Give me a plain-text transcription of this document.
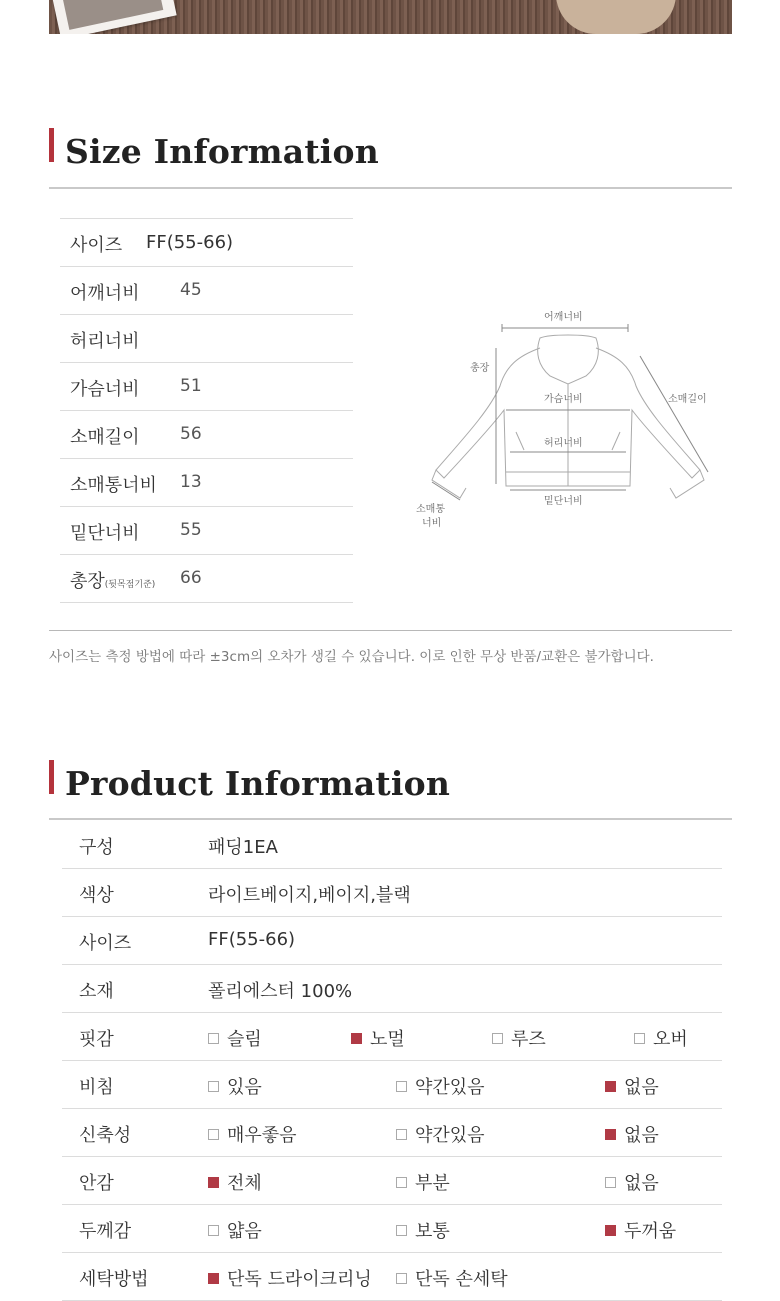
Size Information
사이즈 FF(55-66)
어깨너비 45
허리너비
가슴너비 51
소매길이 56
소매통너비 13
밑단너비 55
총장(뒷목점기준) 66
어깨너비
총장
가슴너비	소매길이
허리너비
밑단너비
소매통
너비
사이즈는 측정 방법에 따라 ±3cm의 오차가 생길 수 있습니다. 이로 인한 무상 반품/교환은 불가합니다.
Product Information
구성	패딩1EA
색상	라이트베이지,베이지,블랙
사이즈	FF(55-66)
소재	폴리에스터 100%
핏감	슬림	노멀	루즈	오버
비침	있음	약간있음	없음
신축성	매우좋음	약간있음	없음
안감	전체	부분	없음
두께감	얇음	보통	두꺼움
세탁방법	단독 드라이크리닝	단독 손세탁
